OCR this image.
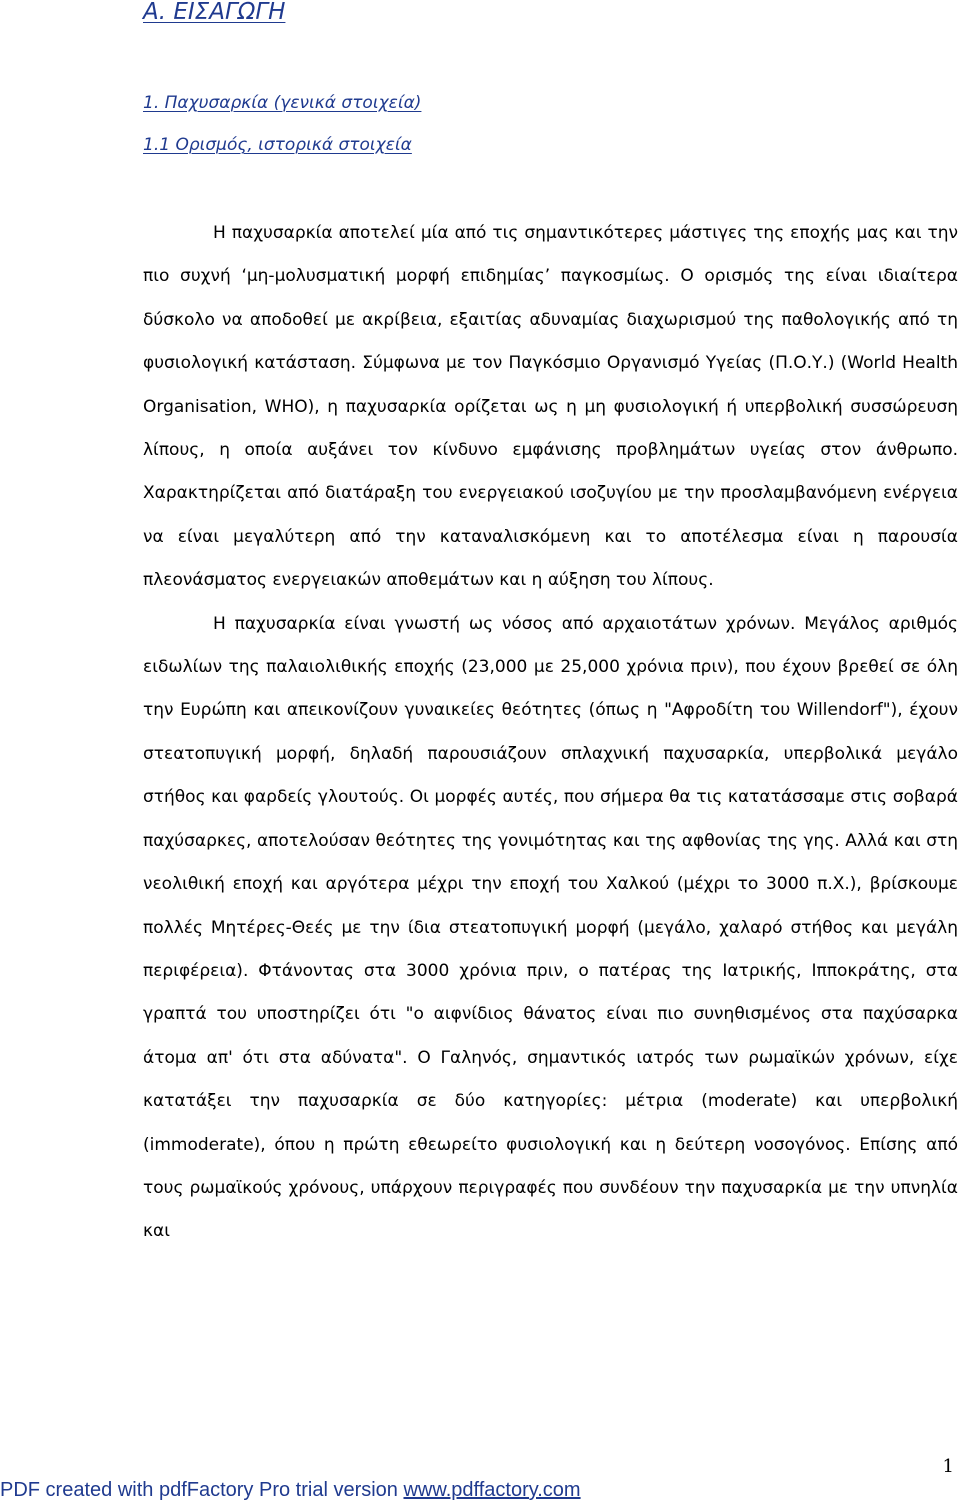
Α. ΕΙΣΑΓΩΓΗ
1. Παχυσαρκία (γενικά στοιχεία)
1.1 Ορισμός, ιστορικά στοιχεία

Η παχυσαρκία αποτελεί μία από τις σημαντικότερες μάστιγες της εποχής μας και την πιο συχνή ‘μη-μολυσματική μορφή επιδημίας’ παγκοσμίως. Ο ορισμός της είναι ιδιαίτερα δύσκολο να αποδοθεί με ακρίβεια, εξαιτίας αδυναμίας διαχωρισμού της παθολογικής από τη φυσιολογική κατάσταση. Σύμφωνα με τον Παγκόσμιο Οργανισμό Υγείας (Π.Ο.Υ.) (World Health Organisation, WHO), η παχυσαρκία ορίζεται ως η μη φυσιολογική ή υπερβολική συσσώρευση λίπους, η οποία αυξάνει τον κίνδυνο εμφάνισης προβλημάτων υγείας στον άνθρωπο. Χαρακτηρίζεται από διατάραξη του ενεργειακού ισοζυγίου με την προσλαμβανόμενη ενέργεια να είναι μεγαλύτερη από την καταναλισκόμενη και το αποτέλεσμα είναι η παρουσία πλεονάσματος ενεργειακών αποθεμάτων και η αύξηση του λίπους.

Η παχυσαρκία είναι γνωστή ως νόσος από αρχαιοτάτων χρόνων. Μεγάλος αριθμός ειδωλίων της παλαιολιθικής εποχής (23,000 με 25,000 χρόνια πριν), που έχουν βρεθεί σε όλη την Ευρώπη και απεικονίζουν γυναικείες θεότητες (όπως η "Αφροδίτη του Willendorf"), έχουν στεατοπυγική μορφή, δηλαδή παρουσιάζουν σπλαχνική παχυσαρκία, υπερβολικά μεγάλο στήθος και φαρδείς γλουτούς. Οι μορφές αυτές, που σήμερα θα τις κατατάσσαμε στις σοβαρά παχύσαρκες, αποτελούσαν θεότητες της γονιμότητας και της αφθονίας της γης. Αλλά και στη νεολιθική εποχή και αργότερα μέχρι την εποχή του Χαλκού (μέχρι το 3000 π.Χ.), βρίσκουμε πολλές Μητέρες-Θεές με την ίδια στεατοπυγική μορφή (μεγάλο, χαλαρό στήθος και μεγάλη περιφέρεια). Φτάνοντας στα 3000 χρόνια πριν, ο πατέρας της Ιατρικής, Ιπποκράτης, στα γραπτά του υποστηρίζει ότι "ο αιφνίδιος θάνατος είναι πιο συνηθισμένος στα παχύσαρκα άτομα απ' ότι στα αδύνατα". Ο Γαληνός, σημαντικός ιατρός των ρωμαϊκών χρόνων, είχε κατατάξει την παχυσαρκία σε δύο κατηγορίες: μέτρια (moderate) και υπερβολική (immoderate), όπου η πρώτη εθεωρείτο φυσιολογική και η δεύτερη νοσογόνος. Επίσης από τους ρωμαϊκούς χρόνους, υπάρχουν περιγραφές που συνδέουν την παχυσαρκία με την υπνηλία και

1
PDF created with pdfFactory Pro trial version www.pdffactory.com
